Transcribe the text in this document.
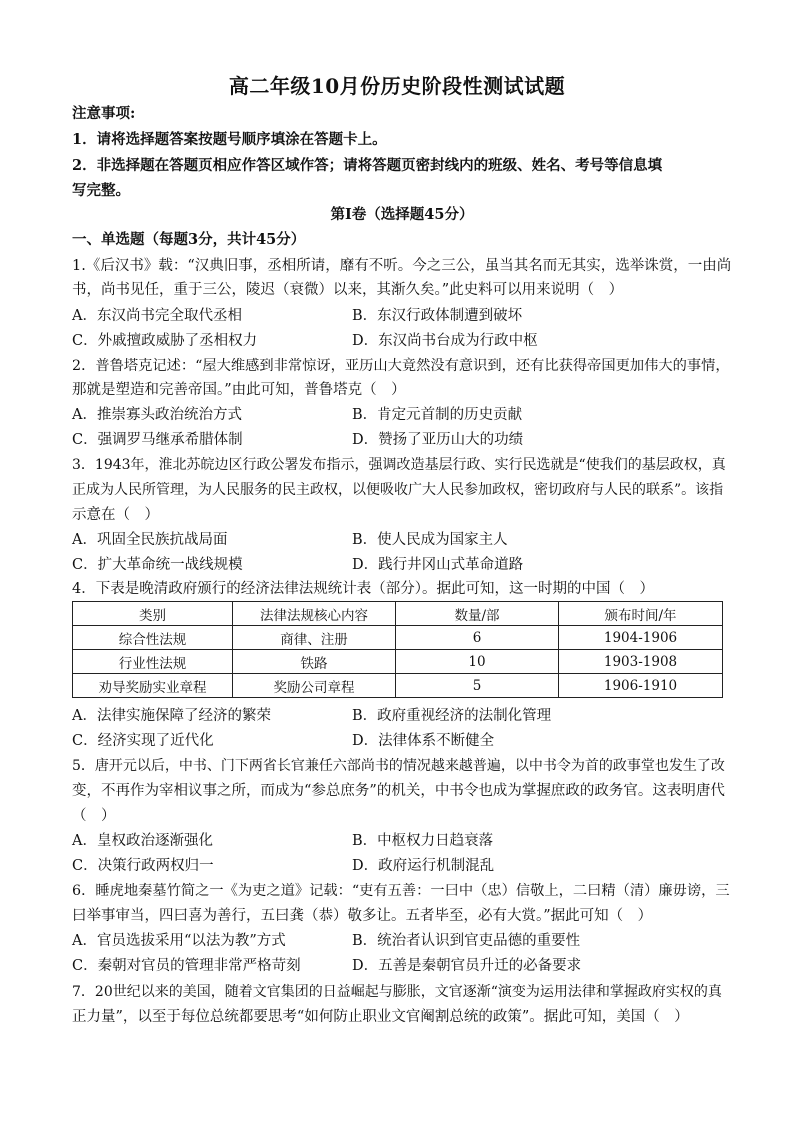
高二年级10月份历史阶段性测试试题
注意事项:
1．请将选择题答案按题号顺序填涂在答题卡上。
2．非选择题在答题页相应作答区域作答；请将答题页密封线内的班级、姓名、考号等信息填
写完整。
第Ⅰ卷（选择题45分）
一、单选题（每题3分，共计45分）
1.《后汉书》载：“汉典旧事，丞相所请，靡有不听。今之三公，虽当其名而无其实，选举诛赏，一由尚
书，尚书见任，重于三公，陵迟（衰微）以来，其渐久矣。”此史料可以用来说明（　）
A．东汉尚书完全取代丞相	B．东汉行政体制遭到破坏
C．外戚擅政威胁了丞相权力	D．东汉尚书台成为行政中枢
2．普鲁塔克记述：“屋大维感到非常惊讶，亚历山大竟然没有意识到，还有比获得帝国更加伟大的事情，
那就是塑造和完善帝国。”由此可知，普鲁塔克（　）
A．推崇寡头政治统治方式	B．肯定元首制的历史贡献
C．强调罗马继承希腊体制	D．赞扬了亚历山大的功绩
3．1943年，淮北苏皖边区行政公署发布指示，强调改造基层行政、实行民选就是“使我们的基层政权，真
正成为人民所管理，为人民服务的民主政权，以便吸收广大人民参加政权，密切政府与人民的联系”。该指
示意在（　）
A．巩固全民族抗战局面	B．使人民成为国家主人
C．扩大革命统一战线规模	D．践行井冈山式革命道路
4．下表是晚清政府颁行的经济法律法规统计表（部分）。据此可知，这一时期的中国（　）
类别	法律法规核心内容	数量/部	颁布时间/年
综合性法规	商律、注册	6	1904-1906
行业性法规	铁路	10	1903-1908
劝导奖励实业章程	奖励公司章程	5	1906-1910
A．法律实施保障了经济的繁荣	B．政府重视经济的法制化管理
C．经济实现了近代化	D．法律体系不断健全
5．唐开元以后，中书、门下两省长官兼任六部尚书的情况越来越普遍，以中书令为首的政事堂也发生了改
变，不再作为宰相议事之所，而成为“参总庶务”的机关，中书令也成为掌握庶政的政务官。这表明唐代
（　）
A．皇权政治逐渐强化	B．中枢权力日趋衰落
C．决策行政两权归一	D．政府运行机制混乱
6．睡虎地秦墓竹简之一《为吏之道》记载：“吏有五善：一曰中（忠）信敬上，二曰精（清）廉毋谤，三
曰举事审当，四曰喜为善行，五曰龚（恭）敬多让。五者毕至，必有大赏。”据此可知（　）
A．官员选拔采用“以法为教”方式	B．统治者认识到官吏品德的重要性
C．秦朝对官员的管理非常严格苛刻	D．五善是秦朝官员升迁的必备要求
7．20世纪以来的美国，随着文官集团的日益崛起与膨胀，文官逐渐“演变为运用法律和掌握政府实权的真
正力量”，以至于每位总统都要思考“如何防止职业文官阉割总统的政策”。据此可知，美国（　）
